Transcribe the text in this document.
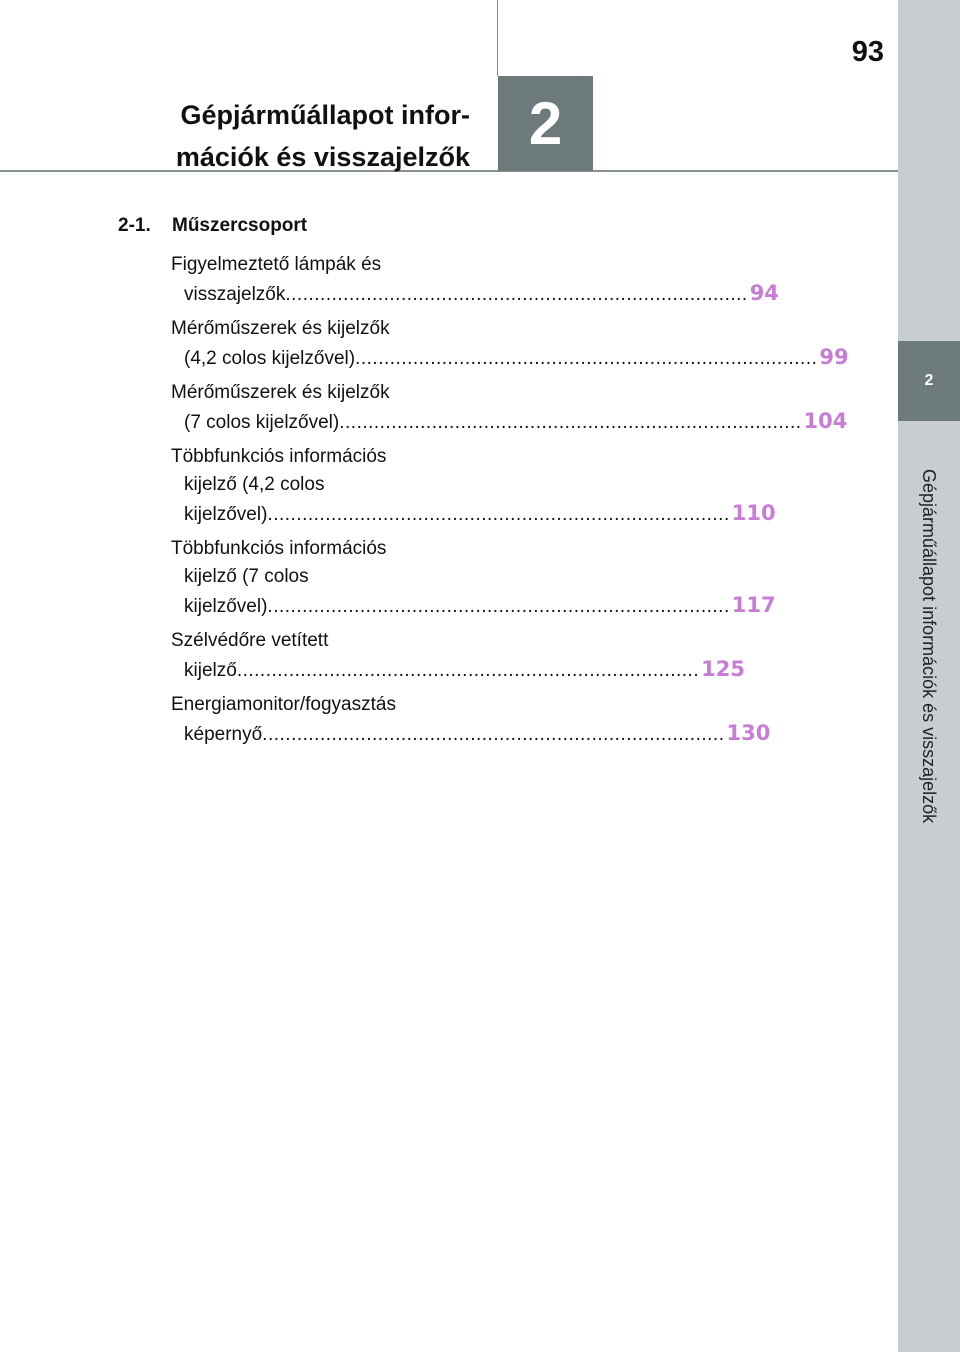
93
2
Gépjárműállapot információk és visszajelzők
2
Gépjárműállapot infor-
mációk és visszajelzők
2-1. Műszercsoport
Figyelmeztető lámpák és
visszajelzők ................................................................................ 94
Mérőműszerek és kijelzők
(4,2 colos kijelzővel) ................................................................................ 99
Mérőműszerek és kijelzők
(7 colos kijelzővel) ................................................................................ 104
Többfunkciós információs
kijelző (4,2 colos
kijelzővel) ................................................................................ 110
Többfunkciós információs
kijelző (7 colos
kijelzővel) ................................................................................ 117
Szélvédőre vetített
kijelző ................................................................................ 125
Energiamonitor/fogyasztás
képernyő ................................................................................ 130
